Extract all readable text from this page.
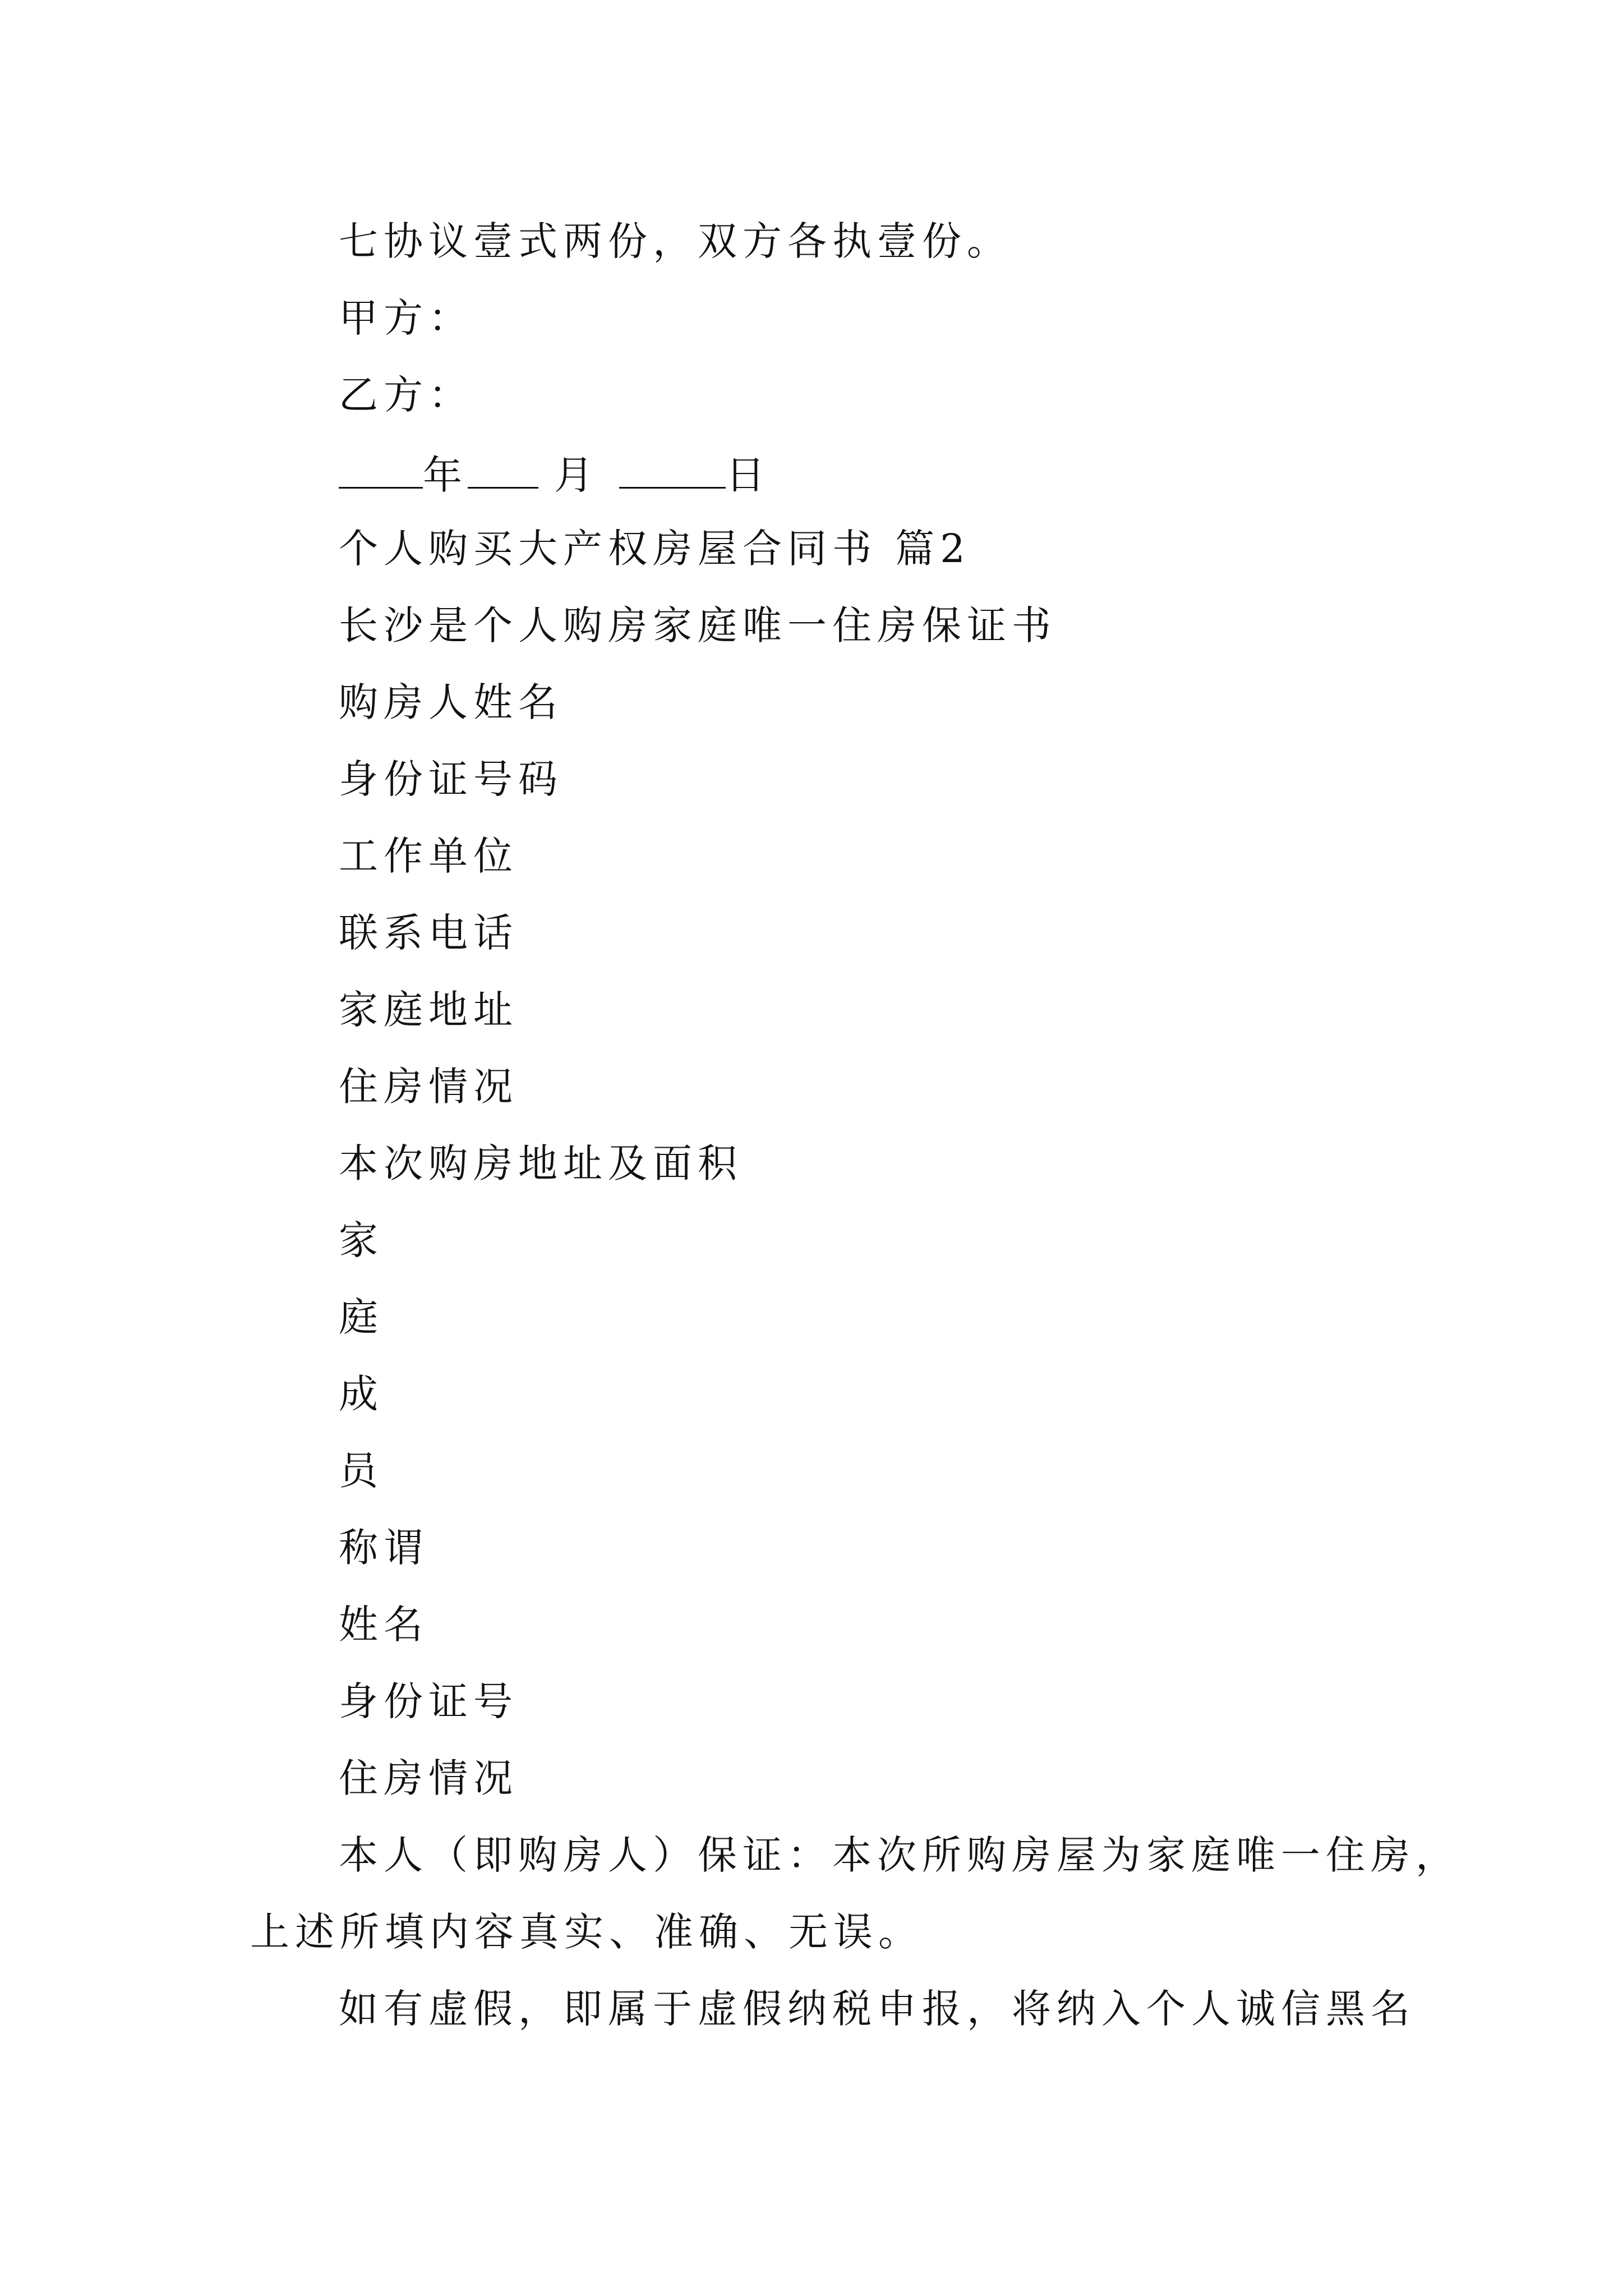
七协议壹式两份，双方各执壹份。
甲方：
乙方：
年 月	日
个人购买大产权房屋合同书 篇2
长沙是个人购房家庭唯一住房保证书
购房人姓名
身份证号码
工作单位
联系电话
家庭地址
住房情况
本次购房地址及面积
家
庭
成
员
称谓
姓名
身份证号
住房情况
本人（即购房人）保证：本次所购房屋为家庭唯一住房，
上述所填内容真实、准确、无误。
如有虚假，即属于虚假纳税申报，将纳入个人诚信黑名
